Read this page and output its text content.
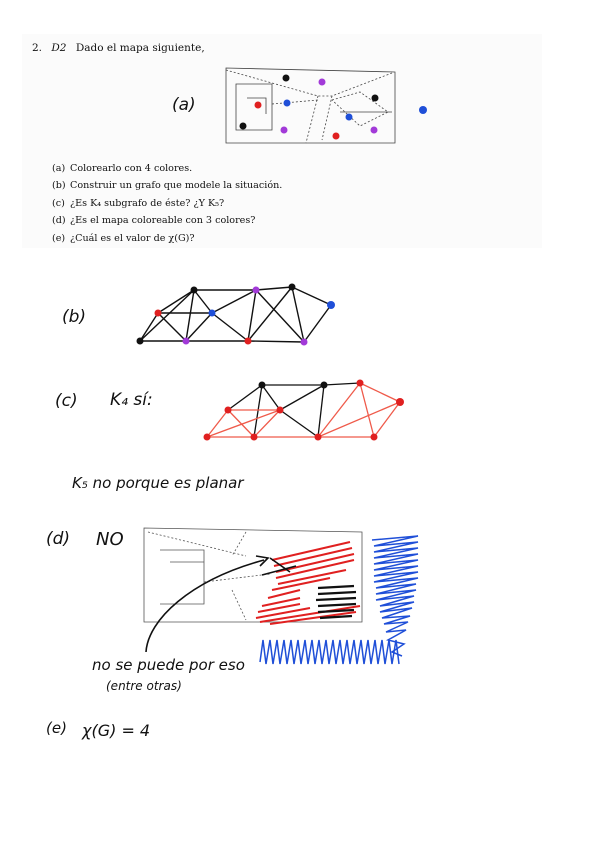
2. D2 Dado el mapa siguiente,
(a) Colorearlo con 4 colores.
(b) Construir un grafo que modele la situación.
(c) ¿Es K₄ subgrafo de éste? ¿Y K₅?
(d) ¿Es el mapa coloreable con 3 colores?
(e) ¿Cuál es el valor de χ(G)?
(a)
(b)
(c) K₄ sí:
K₅ no porque es planar
(d) NO
no se puede por eso
(entre otras)
(e) χ(G) = 4
